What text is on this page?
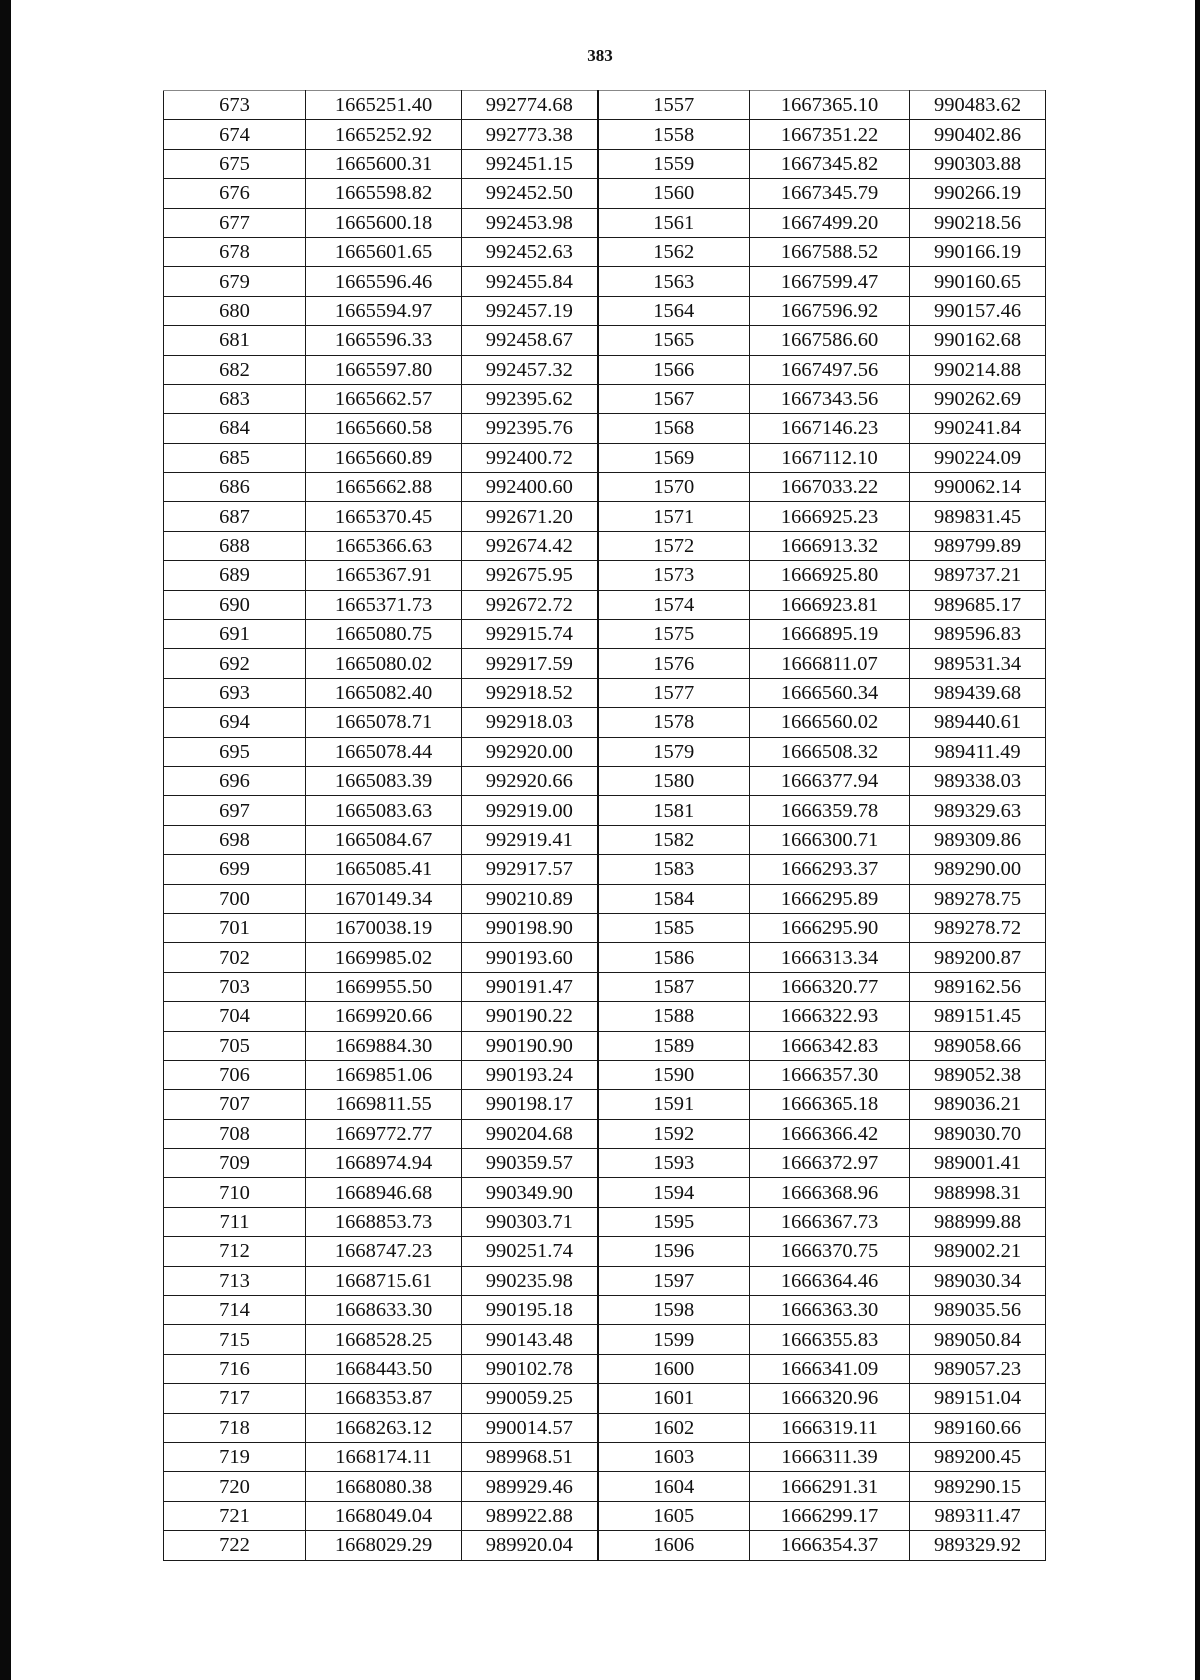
383
673	1665251.40	992774.68	1557	1667365.10	990483.62
674	1665252.92	992773.38	1558	1667351.22	990402.86
675	1665600.31	992451.15	1559	1667345.82	990303.88
676	1665598.82	992452.50	1560	1667345.79	990266.19
677	1665600.18	992453.98	1561	1667499.20	990218.56
678	1665601.65	992452.63	1562	1667588.52	990166.19
679	1665596.46	992455.84	1563	1667599.47	990160.65
680	1665594.97	992457.19	1564	1667596.92	990157.46
681	1665596.33	992458.67	1565	1667586.60	990162.68
682	1665597.80	992457.32	1566	1667497.56	990214.88
683	1665662.57	992395.62	1567	1667343.56	990262.69
684	1665660.58	992395.76	1568	1667146.23	990241.84
685	1665660.89	992400.72	1569	1667112.10	990224.09
686	1665662.88	992400.60	1570	1667033.22	990062.14
687	1665370.45	992671.20	1571	1666925.23	989831.45
688	1665366.63	992674.42	1572	1666913.32	989799.89
689	1665367.91	992675.95	1573	1666925.80	989737.21
690	1665371.73	992672.72	1574	1666923.81	989685.17
691	1665080.75	992915.74	1575	1666895.19	989596.83
692	1665080.02	992917.59	1576	1666811.07	989531.34
693	1665082.40	992918.52	1577	1666560.34	989439.68
694	1665078.71	992918.03	1578	1666560.02	989440.61
695	1665078.44	992920.00	1579	1666508.32	989411.49
696	1665083.39	992920.66	1580	1666377.94	989338.03
697	1665083.63	992919.00	1581	1666359.78	989329.63
698	1665084.67	992919.41	1582	1666300.71	989309.86
699	1665085.41	992917.57	1583	1666293.37	989290.00
700	1670149.34	990210.89	1584	1666295.89	989278.75
701	1670038.19	990198.90	1585	1666295.90	989278.72
702	1669985.02	990193.60	1586	1666313.34	989200.87
703	1669955.50	990191.47	1587	1666320.77	989162.56
704	1669920.66	990190.22	1588	1666322.93	989151.45
705	1669884.30	990190.90	1589	1666342.83	989058.66
706	1669851.06	990193.24	1590	1666357.30	989052.38
707	1669811.55	990198.17	1591	1666365.18	989036.21
708	1669772.77	990204.68	1592	1666366.42	989030.70
709	1668974.94	990359.57	1593	1666372.97	989001.41
710	1668946.68	990349.90	1594	1666368.96	988998.31
711	1668853.73	990303.71	1595	1666367.73	988999.88
712	1668747.23	990251.74	1596	1666370.75	989002.21
713	1668715.61	990235.98	1597	1666364.46	989030.34
714	1668633.30	990195.18	1598	1666363.30	989035.56
715	1668528.25	990143.48	1599	1666355.83	989050.84
716	1668443.50	990102.78	1600	1666341.09	989057.23
717	1668353.87	990059.25	1601	1666320.96	989151.04
718	1668263.12	990014.57	1602	1666319.11	989160.66
719	1668174.11	989968.51	1603	1666311.39	989200.45
720	1668080.38	989929.46	1604	1666291.31	989290.15
721	1668049.04	989922.88	1605	1666299.17	989311.47
722	1668029.29	989920.04	1606	1666354.37	989329.92
